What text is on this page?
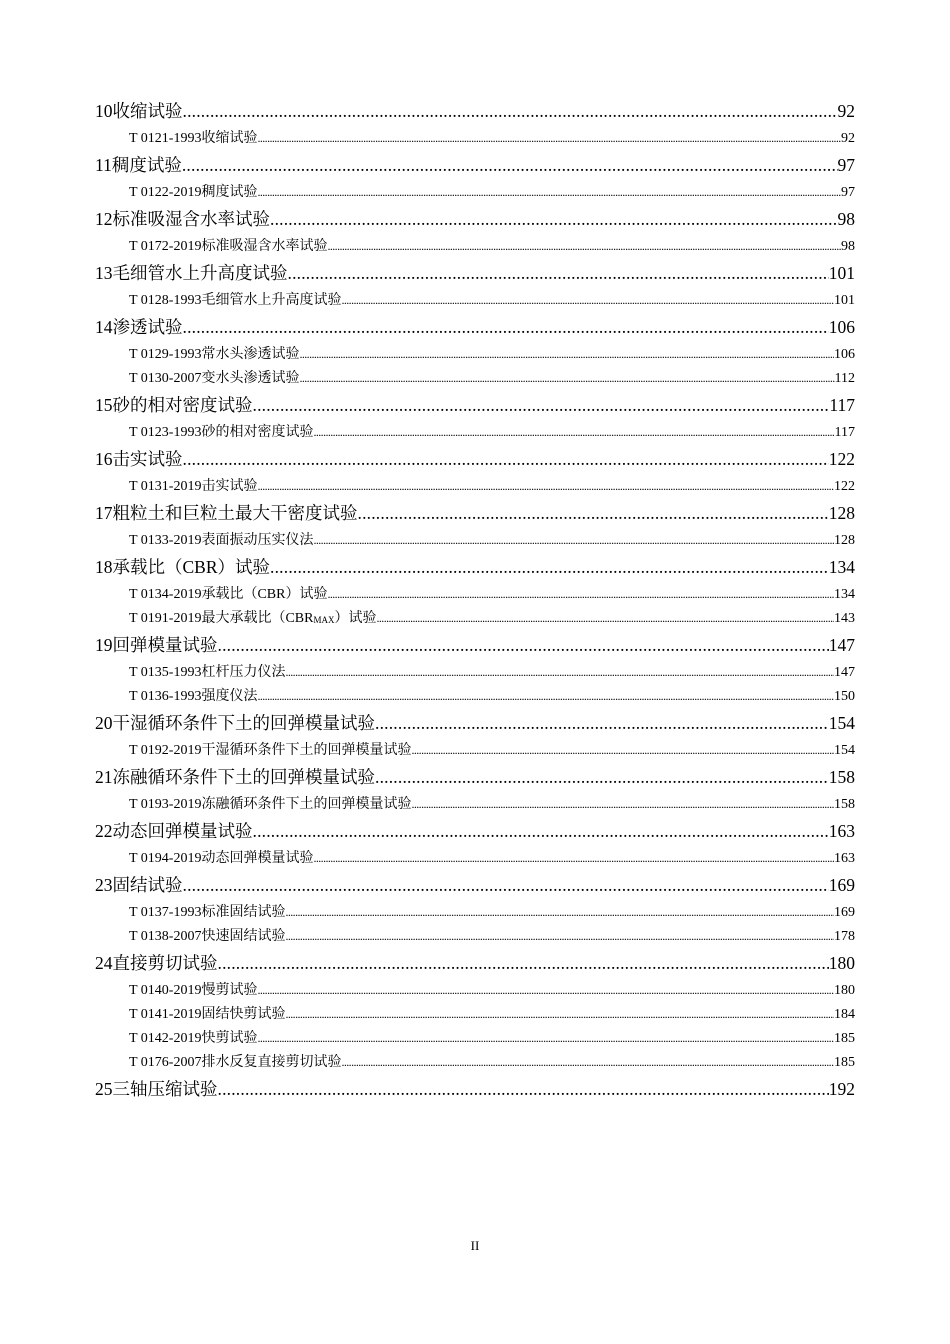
10 收缩试验 .....	92
T 0121-1993 收缩试验 .....	92
11 稠度试验 .....	97
T 0122-2019 稠度试验 .....	97
12 标准吸湿含水率试验 .....	98
T 0172-2019 标准吸湿含水率试验 .....	98
13 毛细管水上升高度试验 .....	101
T 0128-1993 毛细管水上升高度试验 .....	101
14 渗透试验 .....	106
T 0129-1993 常水头渗透试验 .....	106
T 0130-2007 变水头渗透试验 .....	112
15 砂的相对密度试验 .....	117
T 0123-1993 砂的相对密度试验 .....	117
16 击实试验 .....	122
T 0131-2019 击实试验 .....	122
17 粗粒土和巨粒土最大干密度试验 .....	128
T 0133-2019 表面振动压实仪法 .....	128
18 承载比（CBR）试验 .....	134
T 0134-2019 承载比（CBR）试验 .....	134
T 0191-2019 最大承载比$(CBR_{MAX})$试验 .....	143
19 回弹模量试验 .....	147
T 0135-1993 杠杆压力仪法 .....	147
T 0136-1993 强度仪法 .....	150
20 干湿循环条件下土的回弹模量试验 .....	154
T 0192-2019 干湿循环条件下土的回弹模量试验 .....	154
21 冻融循环条件下土的回弹模量试验 .....	158
T 0193-2019 冻融循环条件下土的回弹模量试验 .....	158
22 动态回弹模量试验 .....	163
T 0194-2019 动态回弹模量试验 .....	163
23 固结试验 .....	169
T 0137-1993 标准固结试验 .....	169
T 0138-2007 快速固结试验 .....	178
24 直接剪切试验 .....	180
T 0140-2019 慢剪试验 .....	180
T 0141-2019 固结快剪试验 .....	184
T 0142-2019 快剪试验 .....	185
T 0176-2007 排水反复直接剪切试验 .....	185
25 三轴压缩试验 .....	192
II
